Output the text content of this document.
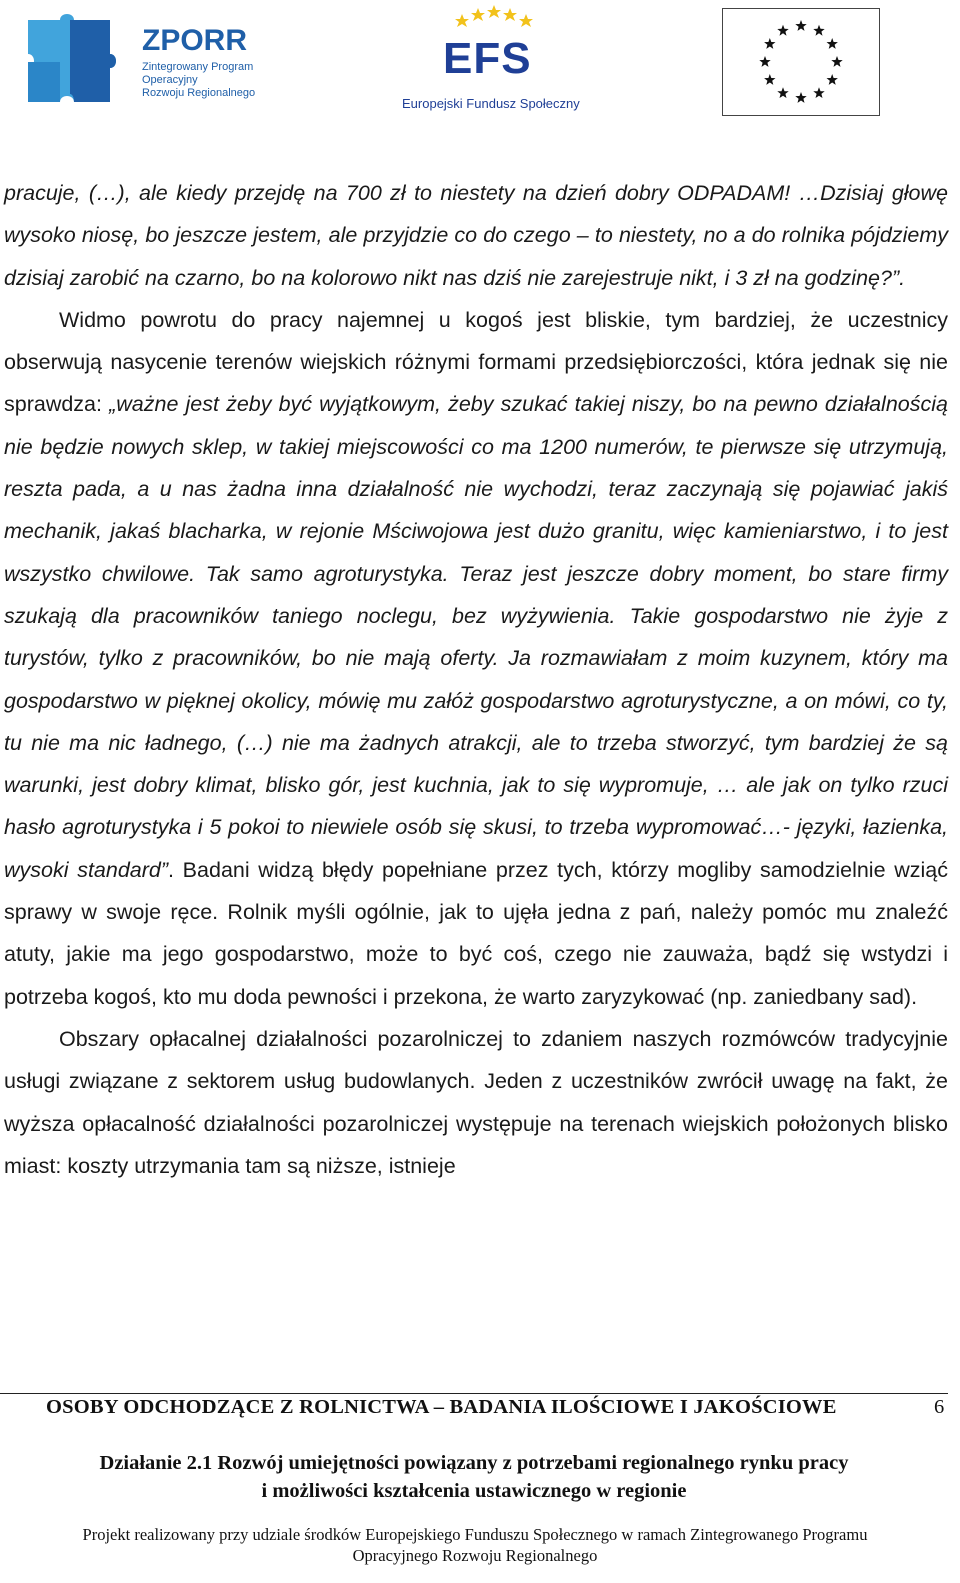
ZPORR
Zintegrowany Program
Operacyjny
Rozwoju Regionalnego
EFS
Europejski Fundusz Społeczny

pracuje, (…), ale kiedy przejdę na 700 zł to niestety na dzień dobry ODPADAM! …Dzisiaj głowę wysoko niosę, bo jeszcze jestem, ale przyjdzie co do czego – to niestety, no a do rolnika pójdziemy dzisiaj zarobić na czarno, bo na kolorowo nikt nas dziś nie zarejestruje nikt, i 3 zł na godzinę?”.

Widmo powrotu do pracy najemnej u kogoś jest bliskie, tym bardziej, że uczestnicy obserwują nasycenie terenów wiejskich różnymi formami przedsiębiorczości, która jednak się nie sprawdza: „ważne jest żeby być wyjątkowym, żeby szukać takiej niszy, bo na pewno działalnością nie będzie nowych sklep, w takiej miejscowości co ma 1200 numerów, te pierwsze się utrzymują, reszta pada, a u nas żadna inna działalność nie wychodzi, teraz zaczynają się pojawiać jakiś mechanik, jakaś blacharka, w rejonie Mściwojowa jest dużo granitu, więc kamieniarstwo, i to jest wszystko chwilowe. Tak samo agroturystyka. Teraz jest jeszcze dobry moment, bo stare firmy szukają dla pracowników taniego noclegu, bez wyżywienia. Takie gospodarstwo nie żyje z turystów, tylko z pracowników, bo nie mają oferty. Ja rozmawiałam z moim kuzynem, który ma gospodarstwo w pięknej okolicy, mówię mu załóż gospodarstwo agroturystyczne, a on mówi, co ty, tu nie ma nic ładnego, (…) nie ma żadnych atrakcji, ale to trzeba stworzyć, tym bardziej że są warunki, jest dobry klimat, blisko gór, jest kuchnia, jak to się wypromuje, … ale jak on tylko rzuci hasło agroturystyka i 5 pokoi to niewiele osób się skusi, to trzeba wypromować…- języki, łazienka, wysoki standard”. Badani widzą błędy popełniane przez tych, którzy mogliby samodzielnie wziąć sprawy w swoje ręce. Rolnik myśli ogólnie, jak to ujęła jedna z pań, należy pomóc mu znaleźć atuty, jakie ma jego gospodarstwo, może to być coś, czego nie zauważa, bądź się wstydzi i potrzeba kogoś, kto mu doda pewności i przekona, że warto zaryzykować (np. zaniedbany sad).

Obszary opłacalnej działalności pozarolniczej to zdaniem naszych rozmówców tradycyjnie usługi związane z sektorem usług budowlanych. Jeden z uczestników zwrócił uwagę na fakt, że wyższa opłacalność działalności pozarolniczej występuje na terenach wiejskich położonych blisko miast: koszty utrzymania tam są niższe, istnieje

OSOBY ODCHODZĄCE Z ROLNICTWA – BADANIA ILOŚCIOWE I JAKOŚCIOWE	6
Działanie 2.1 Rozwój umiejętności powiązany z potrzebami regionalnego rynku pracy
i możliwości kształcenia ustawicznego w regionie
Projekt realizowany przy udziale środków Europejskiego Funduszu Społecznego w ramach Zintegrowanego Programu
Opracyjnego Rozwoju Regionalnego
